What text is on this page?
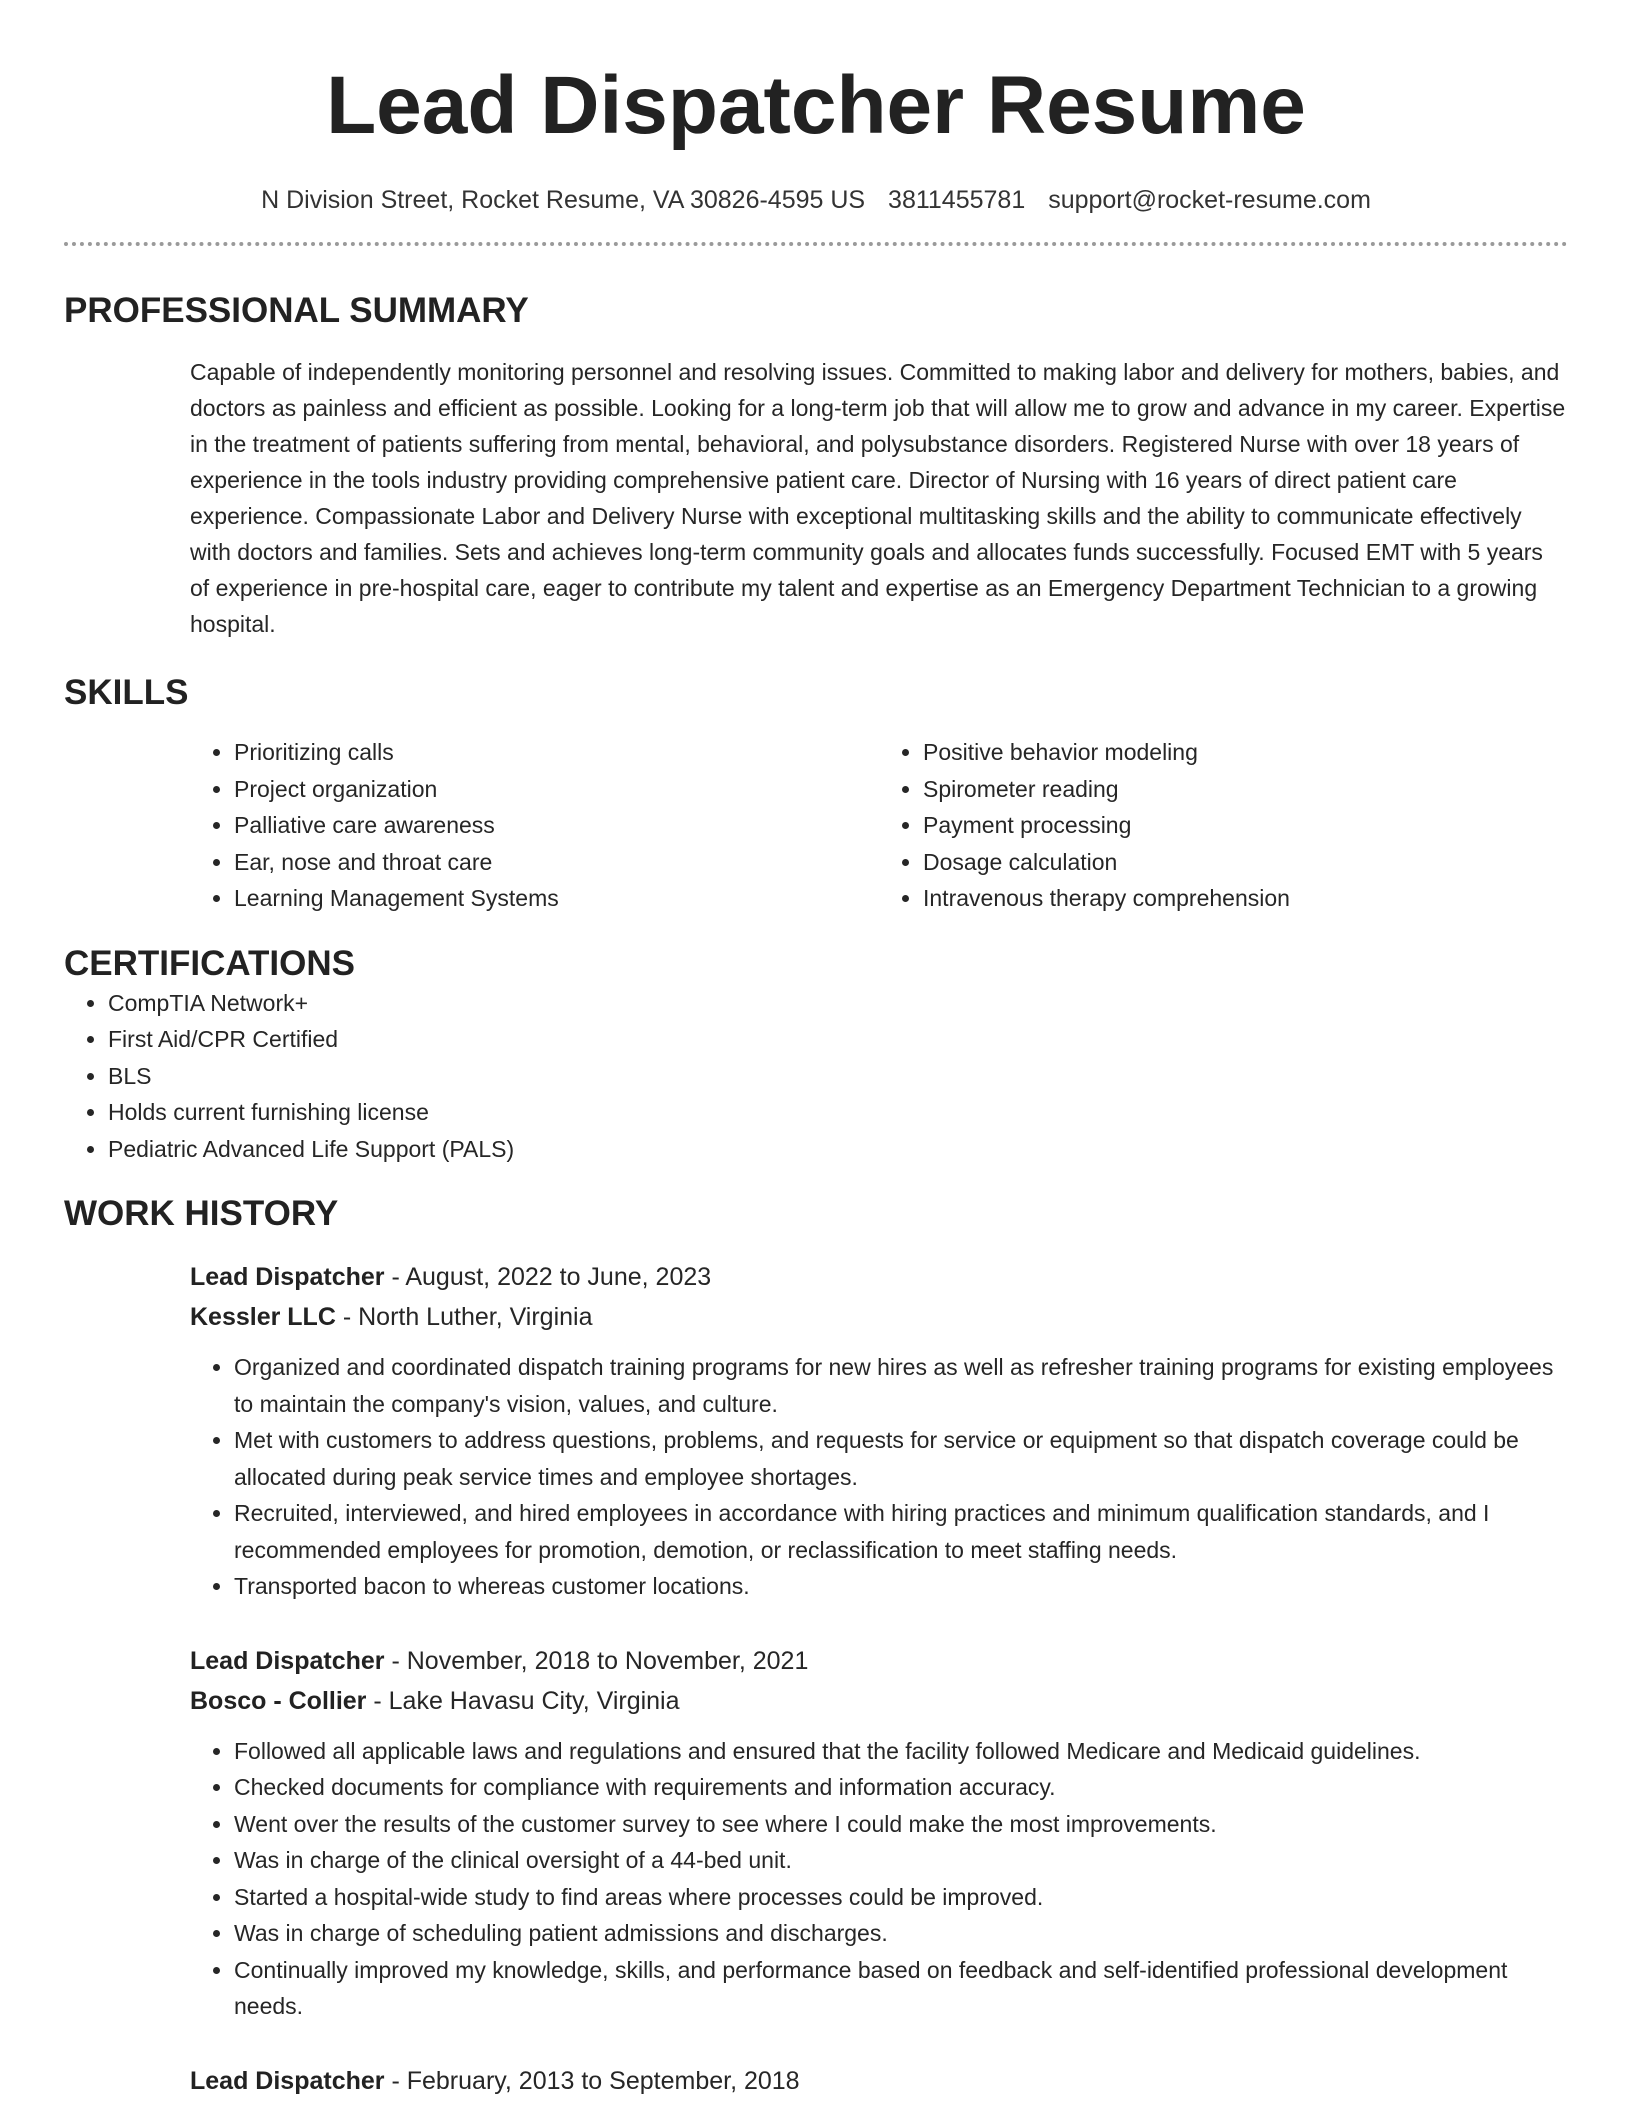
Lead Dispatcher Resume
N Division Street, Rocket Resume, VA 30826-4595 US 3811455781 support@rocket-resume.com
PROFESSIONAL SUMMARY

Capable of independently monitoring personnel and resolving issues. Committed to making labor and delivery for mothers, babies, and doctors as painless and efficient as possible. Looking for a long-term job that will allow me to grow and advance in my career. Expertise in the treatment of patients suffering from mental, behavioral, and polysubstance disorders. Registered Nurse with over 18 years of experience in the tools industry providing comprehensive patient care. Director of Nursing with 16 years of direct patient care experience. Compassionate Labor and Delivery Nurse with exceptional multitasking skills and the ability to communicate effectively with doctors and families. Sets and achieves long-term community goals and allocates funds successfully. Focused EMT with 5 years of experience in pre-hospital care, eager to contribute my talent and expertise as an Emergency Department Technician to a growing hospital.

SKILLS
• Prioritizing calls
• Project organization
• Palliative care awareness
• Ear, nose and throat care
• Learning Management Systems
• Positive behavior modeling
• Spirometer reading
• Payment processing
• Dosage calculation
• Intravenous therapy comprehension
CERTIFICATIONS
• CompTIA Network+
• First Aid/CPR Certified
• BLS
• Holds current furnishing license
• Pediatric Advanced Life Support (PALS)
WORK HISTORY
Lead Dispatcher - August, 2022 to June, 2023
Kessler LLC - North Luther, Virginia
• Organized and coordinated dispatch training programs for new hires as well as refresher training programs for existing employees to maintain the company's vision, values, and culture.
• Met with customers to address questions, problems, and requests for service or equipment so that dispatch coverage could be allocated during peak service times and employee shortages.
• Recruited, interviewed, and hired employees in accordance with hiring practices and minimum qualification standards, and I recommended employees for promotion, demotion, or reclassification to meet staffing needs.
• Transported bacon to whereas customer locations.
Lead Dispatcher - November, 2018 to November, 2021
Bosco - Collier - Lake Havasu City, Virginia
• Followed all applicable laws and regulations and ensured that the facility followed Medicare and Medicaid guidelines.
• Checked documents for compliance with requirements and information accuracy.
• Went over the results of the customer survey to see where I could make the most improvements.
• Was in charge of the clinical oversight of a 44-bed unit.
• Started a hospital-wide study to find areas where processes could be improved.
• Was in charge of scheduling patient admissions and discharges.
• Continually improved my knowledge, skills, and performance based on feedback and self-identified professional development needs.
Lead Dispatcher - February, 2013 to September, 2018
